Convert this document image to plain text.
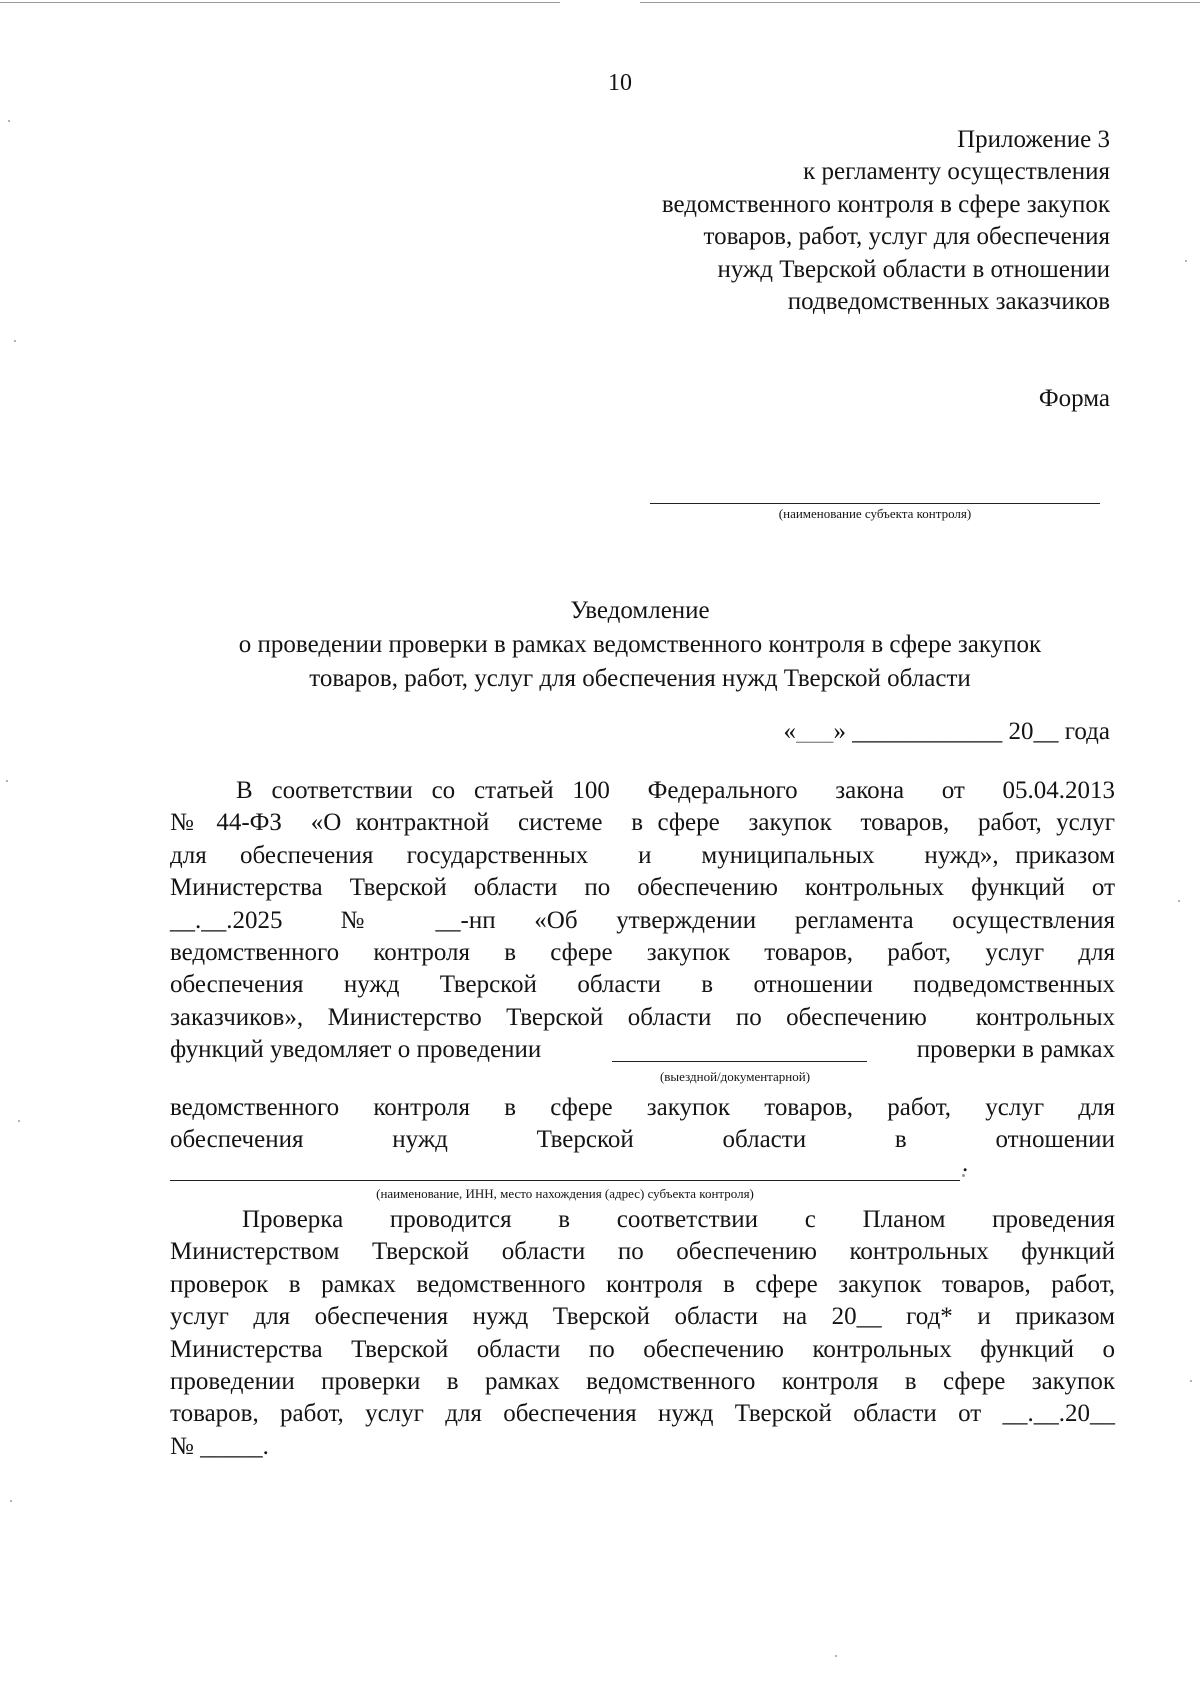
10
Приложение 3
к регламенту осуществления
ведомственного контроля в сфере закупок
товаров, работ, услуг для обеспечения
нужд Тверской области в отношении
подведомственных заказчиков
Форма
(наименование субъекта контроля)
Уведомление
о проведении проверки в рамках ведомственного контроля в сфере закупок
товаров, работ, услуг для обеспечения нужд Тверской области
«___» ____________ 20__ года
В соответствии со статьей 100  Федерального  закона  от  05.04.2013
№ 44-ФЗ  «О контрактной  системе  в сфере  закупок  товаров,  работ, услуг
для  обеспечения  государственных   и   муниципальных   нужд», приказом
Министерства Тверской области по обеспечению контрольных функций от
__.__.2025   №   __-нп  «Об  утверждении  регламента  осуществления
ведомственного  контроля  в  сфере  закупок  товаров,  работ,  услуг  для
обеспечения  нужд  Тверской  области  в  отношении  подведомственных
заказчиков», Министерство Тверской области по обеспечению  контрольных
функций уведомляет о проведении	проверки в рамках
(выездной/документарной)
ведомственного  контроля  в  сфере  закупок  товаров,  работ,  услуг  для
обеспечения	нужд	Тверской	области	в	отношении
.
(наименование, ИНН, место нахождения (адрес) субъекта контроля)
Проверка   проводится   в   соответствии   с   Планом   проведения
Министерством Тверской области по обеспечению контрольных функций
проверок в рамках ведомственного контроля в сфере закупок товаров, работ,
услуг для обеспечения нужд Тверской области на 20__ год* и приказом
Министерства Тверской области по обеспечению контрольных функций о
проведении проверки в рамках ведомственного контроля в сфере закупок
товаров, работ, услуг для обеспечения нужд Тверской области от __.__.20__
№ _____.
